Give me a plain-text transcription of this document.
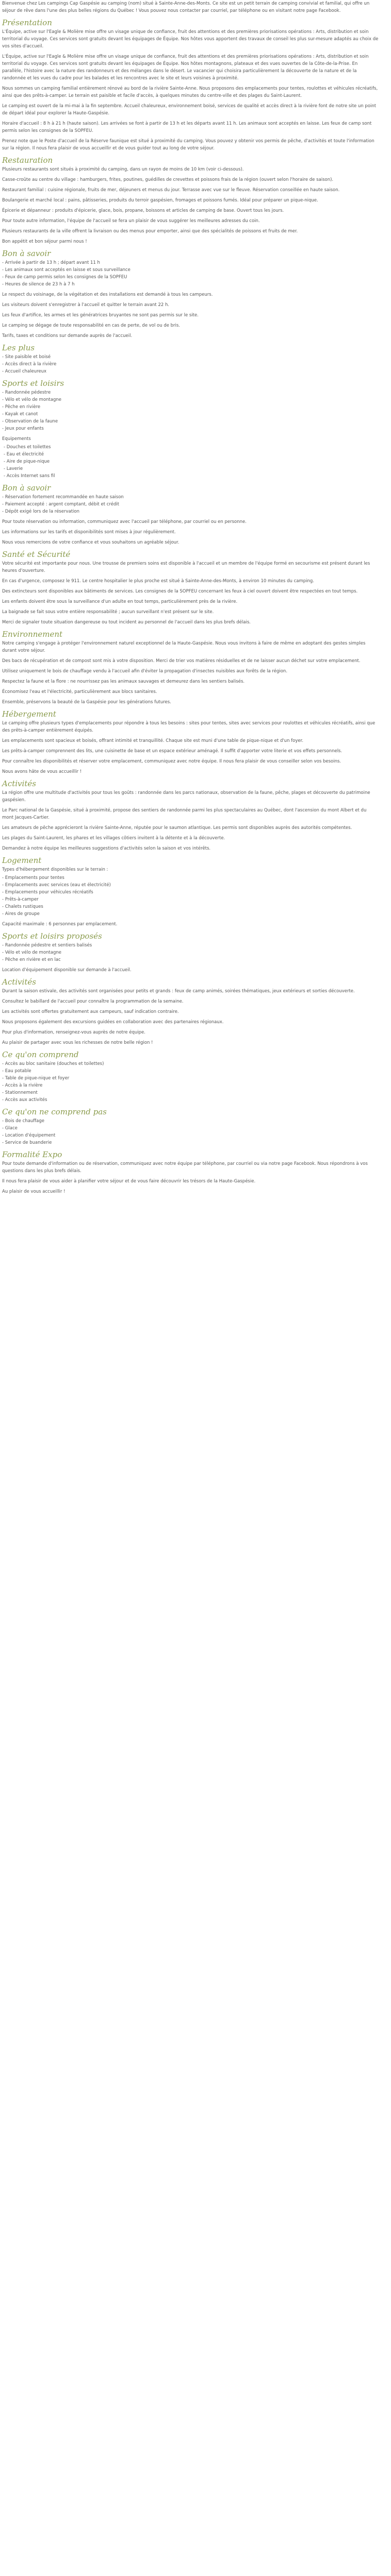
Bienvenue chez Les campings Cap Gaspésie au camping (nom) situé à Sainte-Anne-des-Monts. Ce site est un petit terrain de camping convivial et familial, qui offre un séjour de rêve dans l'une des plus belles régions du Québec ! Vous pouvez nous contacter par courriel, par téléphone ou en visitant notre page Facebook.

Présentation

L'Équipe, active sur l'Eagle & Molière mise offre un visage unique de confiance, fruit des attentions et des premières priorisations opérations : Arts, distribution et soin territorial du voyage. Ces services sont gratuits devant les équipages de Équipe. Nos hôtes vous apportent des travaux de conseil les plus sur-mesure adaptés au choix de vos sites d'accueil.

L'Équipe, active sur l'Eagle & Molière mise offre un visage unique de confiance, fruit des attentions et des premières priorisations opérations : Arts, distribution et soin territorial du voyage. Ces services sont gratuits devant les équipages de Équipe. Nos hôtes montagnons, plateaux et des vues ouvertes de la Côte-de-la-Prise. En parallèle, l'histoire avec la nature des randonneurs et des mélanges dans le désert. Le vacancier qui choisira particulièrement la découverte de la nature et de la randonnée et les vues du cadre pour les balades et les rencontres avec le site et leurs voisines à proximité.

Nous sommes un camping familial entièrement rénové au bord de la rivière Sainte-Anne. Nous proposons des emplacements pour tentes, roulottes et véhicules récréatifs, ainsi que des prêts-à-camper. Le terrain est paisible et facile d'accès, à quelques minutes du centre-ville et des plages du Saint-Laurent.

Le camping est ouvert de la mi-mai à la fin septembre. Accueil chaleureux, environnement boisé, services de qualité et accès direct à la rivière font de notre site un point de départ idéal pour explorer la Haute-Gaspésie.

Horaire d'accueil : 8 h à 21 h (haute saison). Les arrivées se font à partir de 13 h et les départs avant 11 h. Les animaux sont acceptés en laisse. Les feux de camp sont permis selon les consignes de la SOPFEU.

Prenez note que le Poste d'accueil de la Réserve faunique est situé à proximité du camping. Vous pouvez y obtenir vos permis de pêche, d'activités et toute l'information sur la région. Il nous fera plaisir de vous accueillir et de vous guider tout au long de votre séjour.

Restauration

Plusieurs restaurants sont situés à proximité du camping, dans un rayon de moins de 10 km (voir ci-dessous).

Casse-croûte au centre du village : hamburgers, frites, poutines, guédilles de crevettes et poissons frais de la région (ouvert selon l'horaire de saison).

Restaurant familial : cuisine régionale, fruits de mer, déjeuners et menus du jour. Terrasse avec vue sur le fleuve. Réservation conseillée en haute saison.

Boulangerie et marché local : pains, pâtisseries, produits du terroir gaspésien, fromages et poissons fumés. Idéal pour préparer un pique-nique.

Épicerie et dépanneur : produits d'épicerie, glace, bois, propane, boissons et articles de camping de base. Ouvert tous les jours.

Pour toute autre information, l'équipe de l'accueil se fera un plaisir de vous suggérer les meilleures adresses du coin.

Plusieurs restaurants de la ville offrent la livraison ou des menus pour emporter, ainsi que des spécialités de poissons et fruits de mer.

Bon appétit et bon séjour parmi nous !

Bon à savoir
- Arrivée à partir de 13 h ; départ avant 11 h
- Les animaux sont acceptés en laisse et sous surveillance
- Feux de camp permis selon les consignes de la SOPFEU
- Heures de silence de 23 h à 7 h

Le respect du voisinage, de la végétation et des installations est demandé à tous les campeurs.

Les visiteurs doivent s'enregistrer à l'accueil et quitter le terrain avant 22 h.

Les feux d'artifice, les armes et les génératrices bruyantes ne sont pas permis sur le site.

Le camping se dégage de toute responsabilité en cas de perte, de vol ou de bris.

Tarifs, taxes et conditions sur demande auprès de l'accueil.

Les plus
- Site paisible et boisé
- Accès direct à la rivière
- Accueil chaleureux
Sports et loisirs
- Randonnée pédestre
- Vélo et vélo de montagne
- Pêche en rivière
- Kayak et canot
- Observation de la faune
- Jeux pour enfants

Equipements

- Douches et toilettes
- Eau et électricité
- Aire de pique-nique
- Laverie
- Accès Internet sans fil
Bon à savoir
- Réservation fortement recommandée en haute saison
- Paiement accepté : argent comptant, débit et crédit
- Dépôt exigé lors de la réservation

Pour toute réservation ou information, communiquez avec l'accueil par téléphone, par courriel ou en personne.

Les informations sur les tarifs et disponibilités sont mises à jour régulièrement.

Nous vous remercions de votre confiance et vous souhaitons un agréable séjour.

Santé et Sécurité

Votre sécurité est importante pour nous. Une trousse de premiers soins est disponible à l'accueil et un membre de l'équipe formé en secourisme est présent durant les heures d'ouverture.

En cas d'urgence, composez le 911. Le centre hospitalier le plus proche est situé à Sainte-Anne-des-Monts, à environ 10 minutes du camping.

Des extincteurs sont disponibles aux bâtiments de services. Les consignes de la SOPFEU concernant les feux à ciel ouvert doivent être respectées en tout temps.

Les enfants doivent être sous la surveillance d'un adulte en tout temps, particulièrement près de la rivière.

La baignade se fait sous votre entière responsabilité ; aucun surveillant n'est présent sur le site.

Merci de signaler toute situation dangereuse ou tout incident au personnel de l'accueil dans les plus brefs délais.

Environnement

Notre camping s'engage à protéger l'environnement naturel exceptionnel de la Haute-Gaspésie. Nous vous invitons à faire de même en adoptant des gestes simples durant votre séjour.

Des bacs de récupération et de compost sont mis à votre disposition. Merci de trier vos matières résiduelles et de ne laisser aucun déchet sur votre emplacement.

Utilisez uniquement le bois de chauffage vendu à l'accueil afin d'éviter la propagation d'insectes nuisibles aux forêts de la région.

Respectez la faune et la flore : ne nourrissez pas les animaux sauvages et demeurez dans les sentiers balisés.

Économisez l'eau et l'électricité, particulièrement aux blocs sanitaires.

Ensemble, préservons la beauté de la Gaspésie pour les générations futures.

Hébergement

Le camping offre plusieurs types d'emplacements pour répondre à tous les besoins : sites pour tentes, sites avec services pour roulottes et véhicules récréatifs, ainsi que des prêts-à-camper entièrement équipés.

Les emplacements sont spacieux et boisés, offrant intimité et tranquillité. Chaque site est muni d'une table de pique-nique et d'un foyer.

Les prêts-à-camper comprennent des lits, une cuisinette de base et un espace extérieur aménagé. Il suffit d'apporter votre literie et vos effets personnels.

Pour connaître les disponibilités et réserver votre emplacement, communiquez avec notre équipe. Il nous fera plaisir de vous conseiller selon vos besoins.

Nous avons hâte de vous accueillir !

Activités

La région offre une multitude d'activités pour tous les goûts : randonnée dans les parcs nationaux, observation de la faune, pêche, plages et découverte du patrimoine gaspésien.

Le Parc national de la Gaspésie, situé à proximité, propose des sentiers de randonnée parmi les plus spectaculaires au Québec, dont l'ascension du mont Albert et du mont Jacques-Cartier.

Les amateurs de pêche apprécieront la rivière Sainte-Anne, réputée pour le saumon atlantique. Les permis sont disponibles auprès des autorités compétentes.

Les plages du Saint-Laurent, les phares et les villages côtiers invitent à la détente et à la découverte.

Demandez à notre équipe les meilleures suggestions d'activités selon la saison et vos intérêts.

Logement

Types d'hébergement disponibles sur le terrain :

- Emplacements pour tentes
- Emplacements avec services (eau et électricité)
- Emplacements pour véhicules récréatifs
- Prêts-à-camper
- Chalets rustiques
- Aires de groupe

Capacité maximale : 6 personnes par emplacement.

Sports et loisirs proposés
- Randonnée pédestre et sentiers balisés
- Vélo et vélo de montagne
- Pêche en rivière et en lac

Location d'équipement disponible sur demande à l'accueil.

Activités

Durant la saison estivale, des activités sont organisées pour petits et grands : feux de camp animés, soirées thématiques, jeux extérieurs et sorties découverte.

Consultez le babillard de l'accueil pour connaître la programmation de la semaine.

Les activités sont offertes gratuitement aux campeurs, sauf indication contraire.

Nous proposons également des excursions guidées en collaboration avec des partenaires régionaux.

Pour plus d'information, renseignez-vous auprès de notre équipe.

Au plaisir de partager avec vous les richesses de notre belle région !

Ce qu'on comprend
- Accès au bloc sanitaire (douches et toilettes)
- Eau potable
- Table de pique-nique et foyer
- Accès à la rivière
- Stationnement
- Accès aux activités
Ce qu'on ne comprend pas
- Bois de chauffage
- Glace
- Location d'équipement
- Service de buanderie
Formalité Expo

Pour toute demande d'information ou de réservation, communiquez avec notre équipe par téléphone, par courriel ou via notre page Facebook. Nous répondrons à vos questions dans les plus brefs délais.

Il nous fera plaisir de vous aider à planifier votre séjour et de vous faire découvrir les trésors de la Haute-Gaspésie.

Au plaisir de vous accueillir !
